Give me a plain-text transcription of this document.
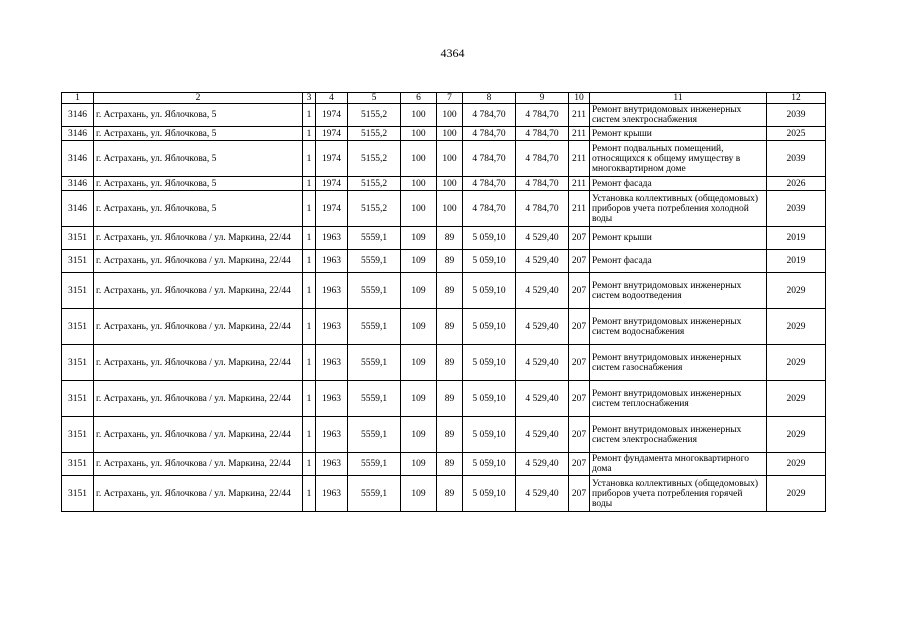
4364
1	2	3	4	5	6	7	8	9	10	11	12
3146	г. Астрахань, ул. Яблочкова, 5	1	1974	5155,2	100	100	4 784,70	4 784,70	211	Ремонт внутридомовых инженерных систем электроснабжения	2039
3146	г. Астрахань, ул. Яблочкова, 5	1	1974	5155,2	100	100	4 784,70	4 784,70	211	Ремонт крыши	2025
3146	г. Астрахань, ул. Яблочкова, 5	1	1974	5155,2	100	100	4 784,70	4 784,70	211	Ремонт подвальных помещений, относящихся к общему имуществу в многоквартирном доме	2039
3146	г. Астрахань, ул. Яблочкова, 5	1	1974	5155,2	100	100	4 784,70	4 784,70	211	Ремонт фасада	2026
3146	г. Астрахань, ул. Яблочкова, 5	1	1974	5155,2	100	100	4 784,70	4 784,70	211	Установка коллективных (общедомовых) приборов учета потребления холодной воды	2039
3151	г. Астрахань, ул. Яблочкова / ул. Маркина, 22/44	1	1963	5559,1	109	89	5 059,10	4 529,40	207	Ремонт крыши	2019
3151	г. Астрахань, ул. Яблочкова / ул. Маркина, 22/44	1	1963	5559,1	109	89	5 059,10	4 529,40	207	Ремонт фасада	2019
3151	г. Астрахань, ул. Яблочкова / ул. Маркина, 22/44	1	1963	5559,1	109	89	5 059,10	4 529,40	207	Ремонт внутридомовых инженерных систем водоотведения	2029
3151	г. Астрахань, ул. Яблочкова / ул. Маркина, 22/44	1	1963	5559,1	109	89	5 059,10	4 529,40	207	Ремонт внутридомовых инженерных систем водоснабжения	2029
3151	г. Астрахань, ул. Яблочкова / ул. Маркина, 22/44	1	1963	5559,1	109	89	5 059,10	4 529,40	207	Ремонт внутридомовых инженерных систем газоснабжения	2029
3151	г. Астрахань, ул. Яблочкова / ул. Маркина, 22/44	1	1963	5559,1	109	89	5 059,10	4 529,40	207	Ремонт внутридомовых инженерных систем теплоснабжения	2029
3151	г. Астрахань, ул. Яблочкова / ул. Маркина, 22/44	1	1963	5559,1	109	89	5 059,10	4 529,40	207	Ремонт внутридомовых инженерных систем электроснабжения	2029
3151	г. Астрахань, ул. Яблочкова / ул. Маркина, 22/44	1	1963	5559,1	109	89	5 059,10	4 529,40	207	Ремонт фундамента многоквартирного дома	2029
3151	г. Астрахань, ул. Яблочкова / ул. Маркина, 22/44	1	1963	5559,1	109	89	5 059,10	4 529,40	207	Установка коллективных (общедомовых) приборов учета потребления горячей воды	2029
